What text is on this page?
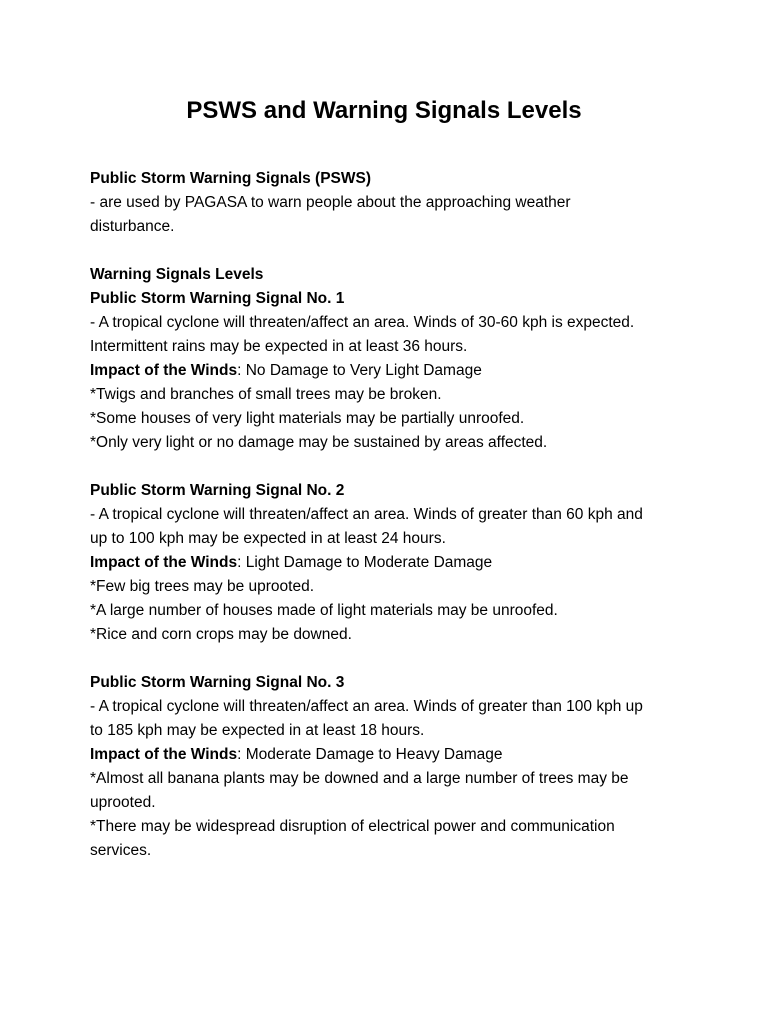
PSWS and Warning Signals Levels

Public Storm Warning Signals (PSWS)

- are used by PAGASA to warn people about the approaching weather

disturbance.

Warning Signals Levels

Public Storm Warning Signal No. 1

- A tropical cyclone will threaten/affect an area. Winds of 30-60 kph is expected.

Intermittent rains may be expected in at least 36 hours.

Impact of the Winds: No Damage to Very Light Damage

*Twigs and branches of small trees may be broken.

*Some houses of very light materials may be partially unroofed.

*Only very light or no damage may be sustained by areas affected.

Public Storm Warning Signal No. 2

- A tropical cyclone will threaten/affect an area. Winds of greater than 60 kph and

up to 100 kph may be expected in at least 24 hours.

Impact of the Winds: Light Damage to Moderate Damage

*Few big trees may be uprooted.

*A large number of houses made of light materials may be unroofed.

*Rice and corn crops may be downed.

Public Storm Warning Signal No. 3

- A tropical cyclone will threaten/affect an area. Winds of greater than 100 kph up

to 185 kph may be expected in at least 18 hours.

Impact of the Winds: Moderate Damage to Heavy Damage

*Almost all banana plants may be downed and a large number of trees may be

uprooted.

*There may be widespread disruption of electrical power and communication

services.
